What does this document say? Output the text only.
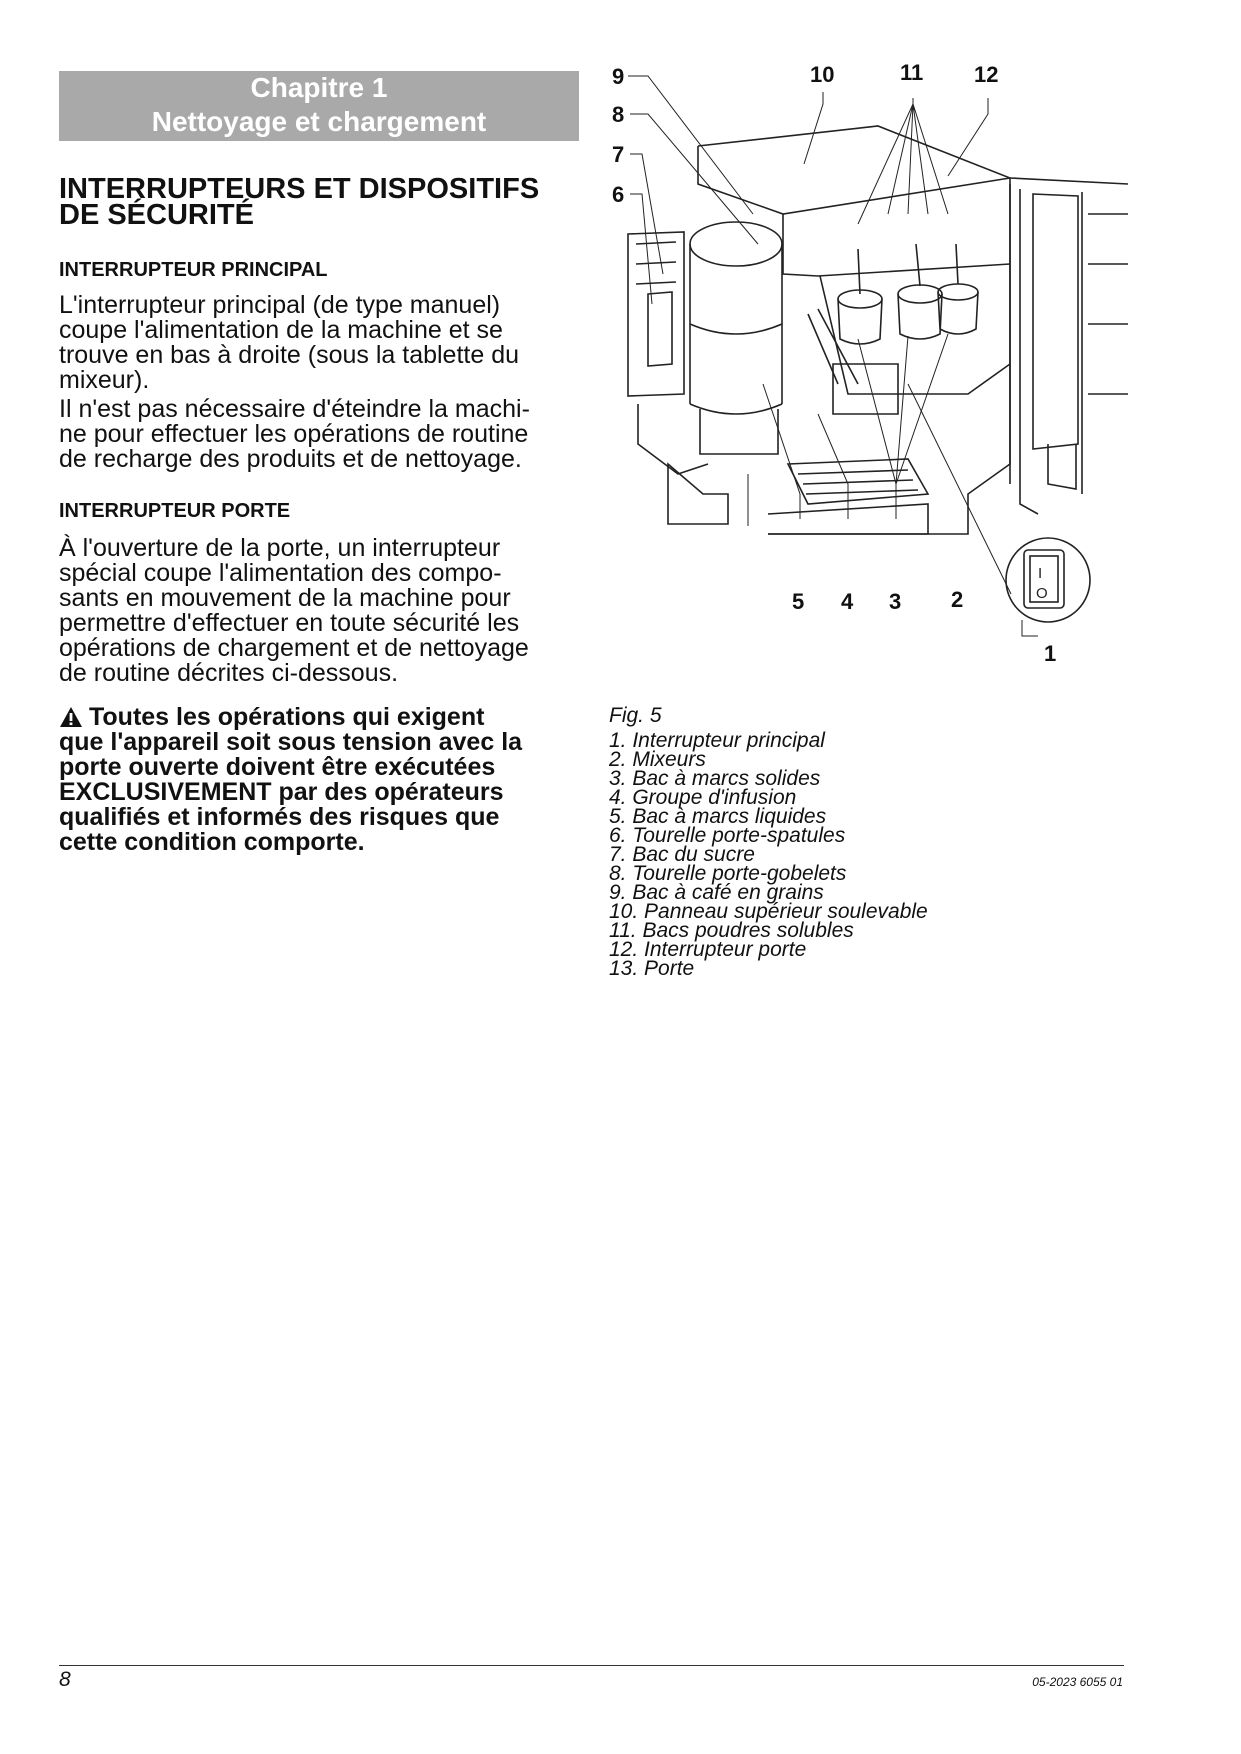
Chapitre 1
Nettoyage et chargement
INTERRUPTEURS ET DISPOSITIFS
DE SÉCURITÉ
INTERRUPTEUR PRINCIPAL

L'interrupteur principal (de type manuel)
coupe l'alimentation de la machine et se
trouve en bas à droite (sous la tablette du
mixeur).

Il n'est pas nécessaire d'éteindre la machi-
ne pour effectuer les opérations de routine
de recharge des produits et de nettoyage.

INTERRUPTEUR PORTE

À l'ouverture de la porte, un interrupteur
spécial coupe l'alimentation des compo-
sants en mouvement de la machine pour
permettre d'effectuer en toute sécurité les
opérations de chargement et de nettoyage
de routine décrites ci-dessous.

Toutes les opérations qui exigent
que l'appareil soit sous tension avec la
porte ouverte doivent être exécutées
EXCLUSIVEMENT par des opérateurs
qualifiés et informés des risques que
cette condition comporte.

9
8
7
6
10	11 12
5 4 3 2
1
I
O
Fig. 5
1. Interrupteur principal
2. Mixeurs
3. Bac à marcs solides
4. Groupe d'infusion
5. Bac à marcs liquides
6. Tourelle porte-spatules
7. Bac du sucre
8. Tourelle porte-gobelets
9. Bac à café en grains
10. Panneau supérieur soulevable
11. Bacs poudres solubles
12. Interrupteur porte
13. Porte
8	05-2023 6055 01
